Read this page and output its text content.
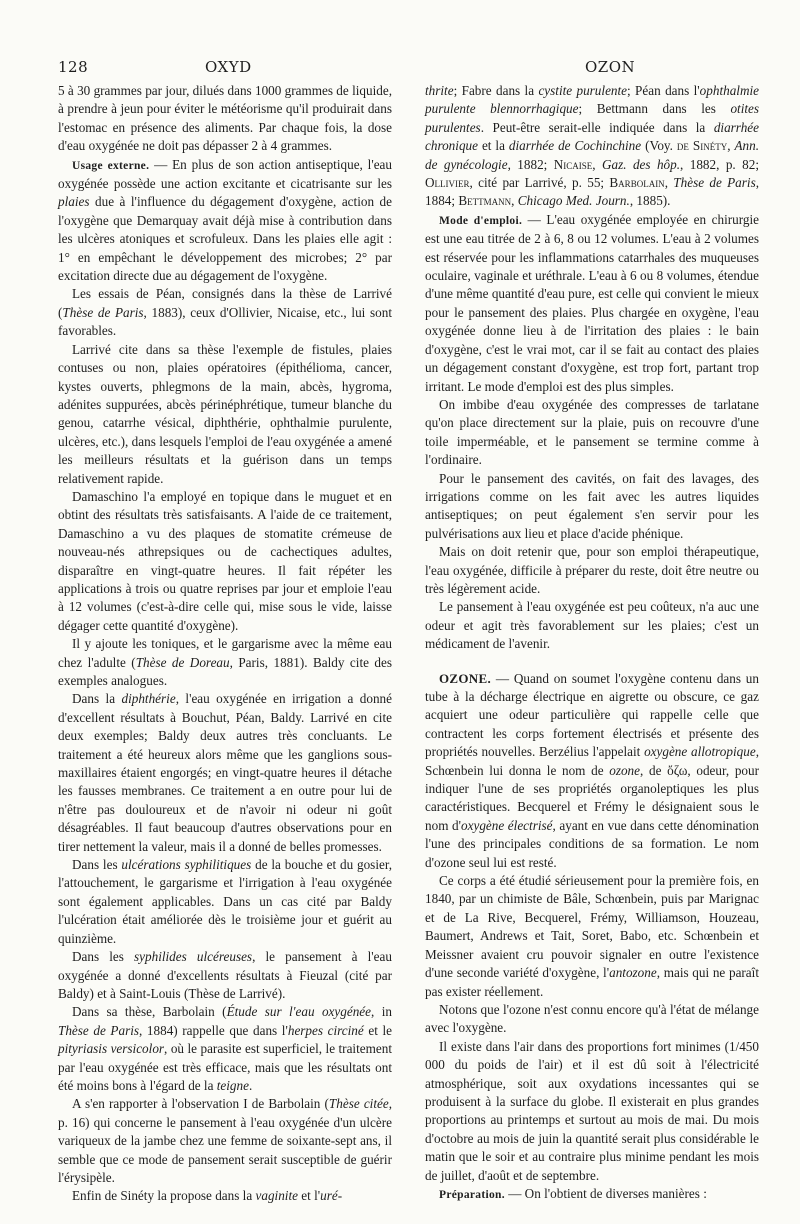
128	OXYD	OZON

5 à 30 grammes par jour, dilués dans 1000 grammes de liquide, à prendre à jeun pour éviter le météorisme qu'il produirait dans l'estomac en présence des aliments. Par chaque fois, la dose d'eau oxygénée ne doit pas dépasser 2 à 4 grammes.

Usage externe. — En plus de son action antiseptique, l'eau oxygénée possède une action excitante et cicatrisante sur les plaies due à l'influence du dégagement d'oxygène, action de l'oxygène que Demarquay avait déjà mise à contribution dans les ulcères atoniques et scrofuleux. Dans les plaies elle agit : 1° en empêchant le développement des microbes; 2° par excitation directe due au dégagement de l'oxygène.

Les essais de Péan, consignés dans la thèse de Larrivé (Thèse de Paris, 1883), ceux d'Ollivier, Nicaise, etc., lui sont favorables.

Larrivé cite dans sa thèse l'exemple de fistules, plaies contuses ou non, plaies opératoires (épithélioma, cancer, kystes ouverts, phlegmons de la main, abcès, hygroma, adénites suppurées, abcès périnéphrétique, tumeur blanche du genou, catarrhe vésical, diphthérie, ophthalmie purulente, ulcères, etc.), dans lesquels l'emploi de l'eau oxygénée a amené les meilleurs résultats et la guérison dans un temps relativement rapide.

Damaschino l'a employé en topique dans le muguet et en obtint des résultats très satisfaisants. A l'aide de ce traitement, Damaschino a vu des plaques de stomatite crémeuse de nouveau-nés athrepsiques ou de cachectiques adultes, disparaître en vingt-quatre heures. Il fait répéter les applications à trois ou quatre reprises par jour et emploie l'eau à 12 volumes (c'est-à-dire celle qui, mise sous le vide, laisse dégager cette quantité d'oxygène).

Il y ajoute les toniques, et le gargarisme avec la même eau chez l'adulte (Thèse de Doreau, Paris, 1881). Baldy cite des exemples analogues.

Dans la diphthérie, l'eau oxygénée en irrigation a donné d'excellent résultats à Bouchut, Péan, Baldy. Larrivé en cite deux exemples; Baldy deux autres très concluants. Le traitement a été heureux alors même que les ganglions sous-maxillaires étaient engorgés; en vingt-quatre heures il détache les fausses membranes. Ce traitement a en outre pour lui de n'être pas douloureux et de n'avoir ni odeur ni goût désagréables. Il faut beaucoup d'autres observations pour en tirer nettement la valeur, mais il a donné de belles promesses.

Dans les ulcérations syphilitiques de la bouche et du gosier, l'attouchement, le gargarisme et l'irrigation à l'eau oxygénée sont également applicables. Dans un cas cité par Baldy l'ulcération était améliorée dès le troisième jour et guérit au quinzième.

Dans les syphilides ulcéreuses, le pansement à l'eau oxygénée a donné d'excellents résultats à Fieuzal (cité par Baldy) et à Saint-Louis (Thèse de Larrivé).

Dans sa thèse, Barbolain (Étude sur l'eau oxygénée, in Thèse de Paris, 1884) rappelle que dans l'herpes circiné et le pityriasis versicolor, où le parasite est superficiel, le traitement par l'eau oxygénée est très efficace, mais que les résultats ont été moins bons à l'égard de la teigne.

A s'en rapporter à l'observation I de Barbolain (Thèse citée, p. 16) qui concerne le pansement à l'eau oxygénée d'un ulcère variqueux de la jambe chez une femme de soixante-sept ans, il semble que ce mode de pansement serait susceptible de guérir l'érysipèle.

Enfin de Sinéty la propose dans la vaginite et l'uré-

thrite; Fabre dans la cystite purulente; Péan dans l'ophthalmie purulente blennorrhagique; Bettmann dans les otites purulentes. Peut-être serait-elle indiquée dans la diarrhée chronique et la diarrhée de Cochinchine (Voy. de Sinéty, Ann. de gynécologie, 1882; Nicaise, Gaz. des hôp., 1882, p. 82; Ollivier, cité par Larrivé, p. 55; Barbolain, Thèse de Paris, 1884; Bettmann, Chicago Med. Journ., 1885).

Mode d'emploi. — L'eau oxygénée employée en chirurgie est une eau titrée de 2 à 6, 8 ou 12 volumes. L'eau à 2 volumes est réservée pour les inflammations catarrhales des muqueuses oculaire, vaginale et uréthrale. L'eau à 6 ou 8 volumes, étendue d'une même quantité d'eau pure, est celle qui convient le mieux pour le pansement des plaies. Plus chargée en oxygène, l'eau oxygénée donne lieu à de l'irritation des plaies : le bain d'oxygène, c'est le vrai mot, car il se fait au contact des plaies un dégagement constant d'oxygène, est trop fort, partant trop irritant. Le mode d'emploi est des plus simples.

On imbibe d'eau oxygénée des compresses de tarlatane qu'on place directement sur la plaie, puis on recouvre d'une toile imperméable, et le pansement se termine comme à l'ordinaire.

Pour le pansement des cavités, on fait des lavages, des irrigations comme on les fait avec les autres liquides antiseptiques; on peut également s'en servir pour les pulvérisations aux lieu et place d'acide phénique.

Mais on doit retenir que, pour son emploi thérapeutique, l'eau oxygénée, difficile à préparer du reste, doit être neutre ou très légèrement acide.

Le pansement à l'eau oxygénée est peu coûteux, n'a auc une odeur et agit très favorablement sur les plaies; c'est un médicament de l'avenir.

OZONE. — Quand on soumet l'oxygène contenu dans un tube à la décharge électrique en aigrette ou obscure, ce gaz acquiert une odeur particulière qui rappelle celle que contractent les corps fortement électrisés et présente des propriétés nouvelles. Berzélius l'appelait oxygène allotropique, Schœnbein lui donna le nom de ozone, de ὄζω, odeur, pour indiquer l'une de ses propriétés organoleptiques les plus caractéristiques. Becquerel et Frémy le désignaient sous le nom d'oxygène électrisé, ayant en vue dans cette dénomination l'une des principales conditions de sa formation. Le nom d'ozone seul lui est resté.

Ce corps a été étudié sérieusement pour la première fois, en 1840, par un chimiste de Bâle, Schœnbein, puis par Marignac et de La Rive, Becquerel, Frémy, Williamson, Houzeau, Baumert, Andrews et Tait, Soret, Babo, etc. Schœnbein et Meissner avaient cru pouvoir signaler en outre l'existence d'une seconde variété d'oxygène, l'antozone, mais qui ne paraît pas exister réellement.

Notons que l'ozone n'est connu encore qu'à l'état de mélange avec l'oxygène.

Il existe dans l'air dans des proportions fort minimes (1/450 000 du poids de l'air) et il est dû soit à l'électricité atmosphérique, soit aux oxydations incessantes qui se produisent à la surface du globe. Il existerait en plus grandes proportions au printemps et surtout au mois de mai. Du mois d'octobre au mois de juin la quantité serait plus considérable le matin que le soir et au contraire plus minime pendant les mois de juillet, d'août et de septembre.

Préparation. — On l'obtient de diverses manières :
